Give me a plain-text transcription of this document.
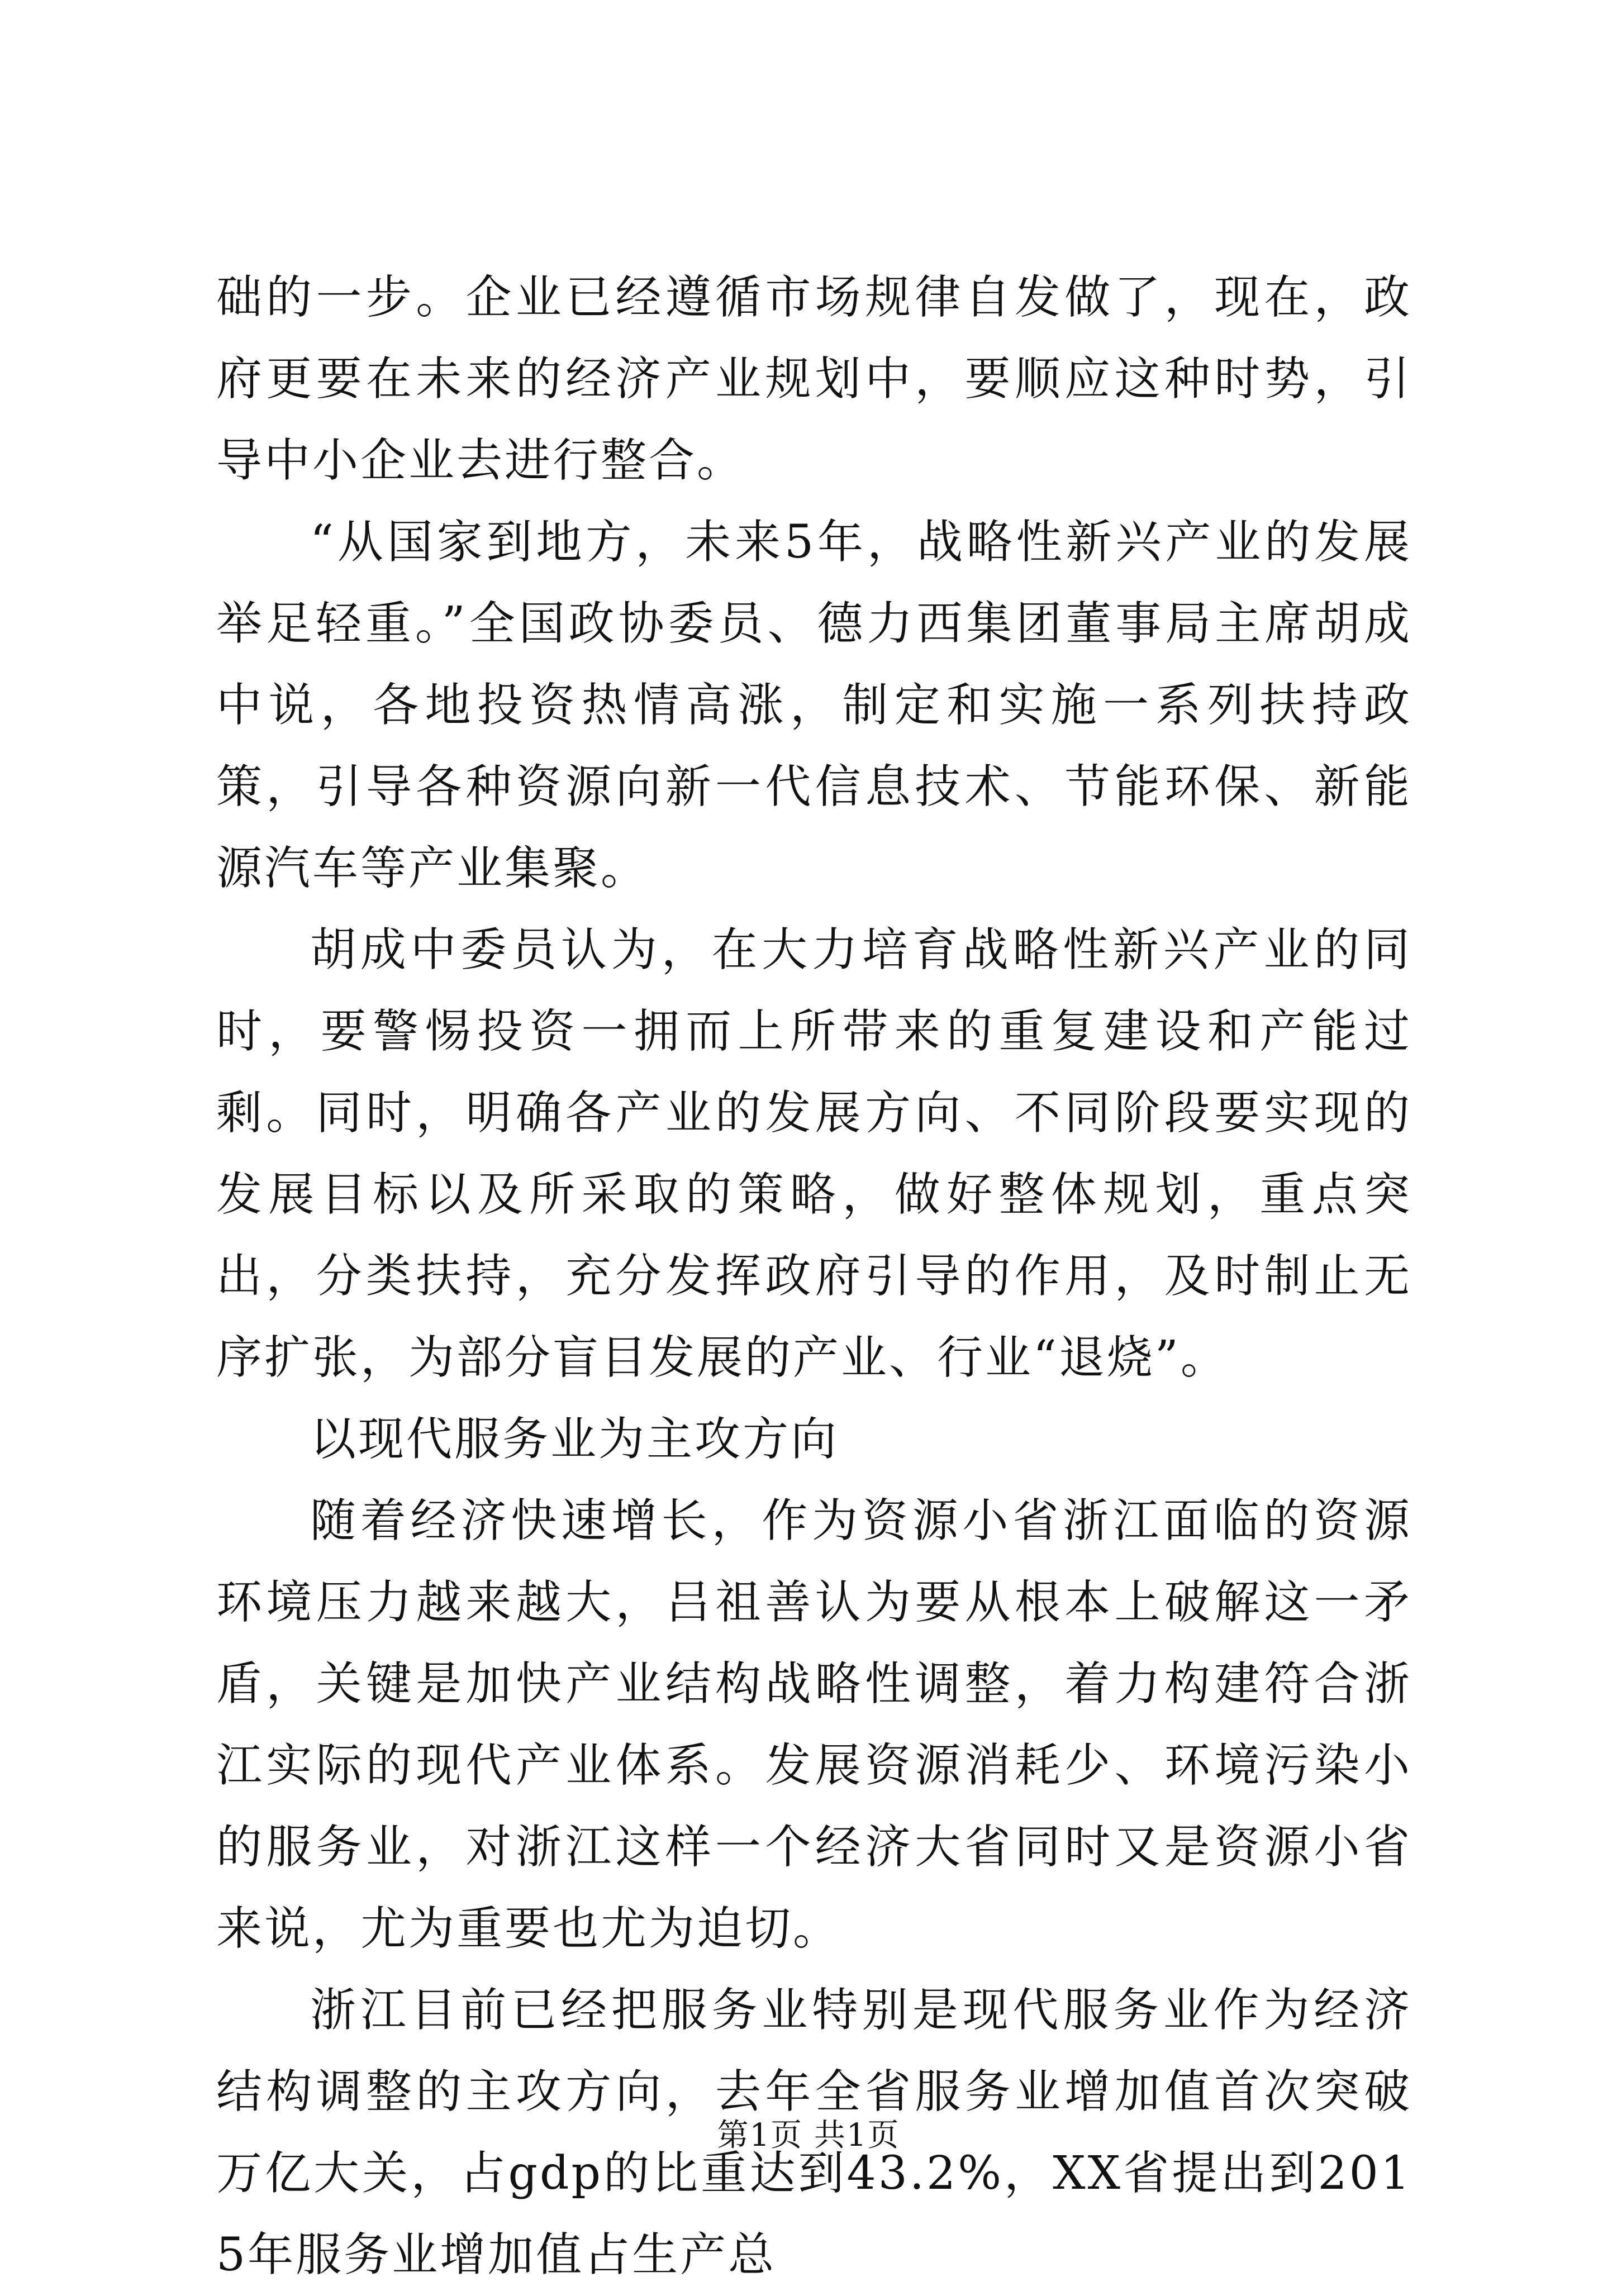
础的一步。企业已经遵循市场规律自发做了，现在，政府更要在未来的经济产业规划中，要顺应这种时势，引导中小企业去进行整合。

“从国家到地方，未来5年，战略性新兴产业的发展举足轻重。”全国政协委员、德力西集团董事局主席胡成中说，各地投资热情高涨，制定和实施一系列扶持政策，引导各种资源向新一代信息技术、节能环保、新能源汽车等产业集聚。

胡成中委员认为，在大力培育战略性新兴产业的同时，要警惕投资一拥而上所带来的重复建设和产能过剩。同时，明确各产业的发展方向、不同阶段要实现的发展目标以及所采取的策略，做好整体规划，重点突出，分类扶持，充分发挥政府引导的作用，及时制止无序扩张，为部分盲目发展的产业、行业“退烧”。

以现代服务业为主攻方向

随着经济快速增长，作为资源小省浙江面临的资源环境压力越来越大，吕祖善认为要从根本上破解这一矛盾，关键是加快产业结构战略性调整，着力构建符合浙江实际的现代产业体系。发展资源消耗少、环境污染小的服务业，对浙江这样一个经济大省同时又是资源小省来说，尤为重要也尤为迫切。

浙江目前已经把服务业特别是现代服务业作为经济结构调整的主攻方向，去年全省服务业增加值首次突破万亿大关，占gdp的比重达到43.2%，XX省提出到2015年服务业增加值占生产总

第1页 共1页
